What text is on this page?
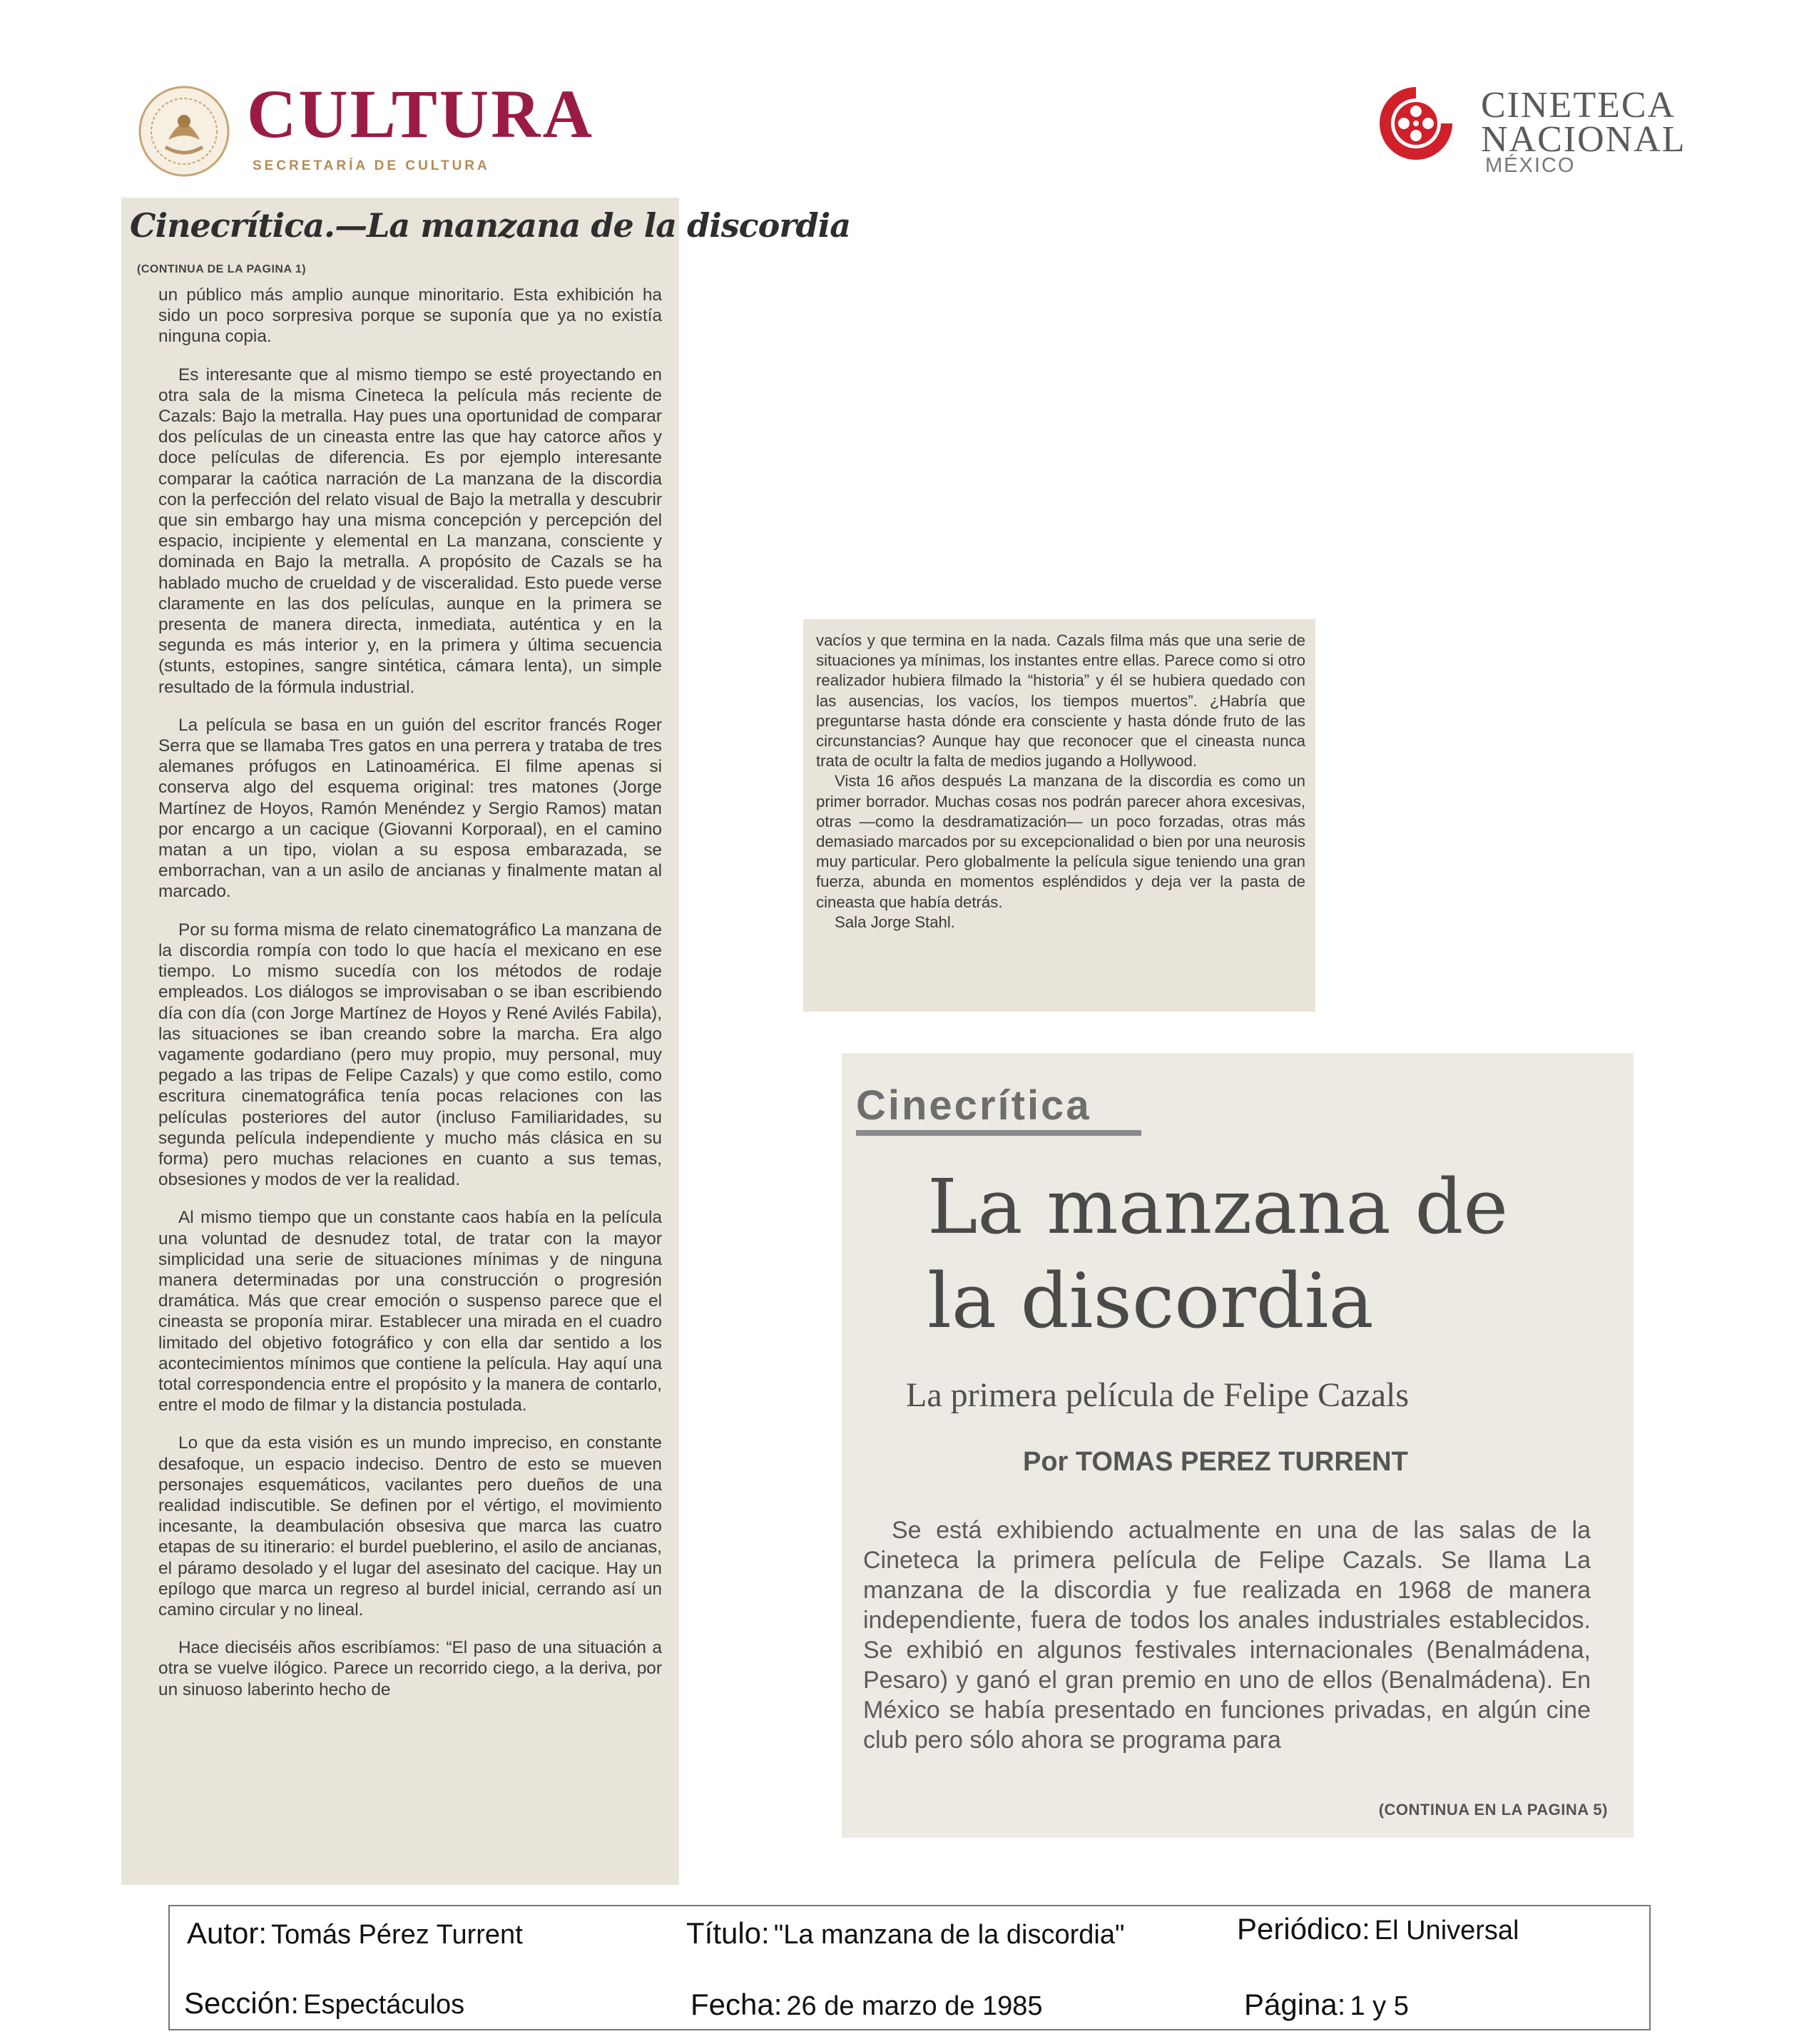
CULTURA
SECRETARÍA DE CULTURA
CINETECA
NACIONAL
MÉXICO
Cinecrítica.—La manzana de la discordia
(CONTINUA DE LA PAGINA 1)

un público más amplio aunque minoritario. Esta exhibición ha sido un poco sorpresiva porque se suponía que ya no existía ninguna copia.

Es interesante que al mismo tiempo se esté proyectando en otra sala de la misma Cineteca la película más reciente de Cazals: Bajo la metralla. Hay pues una oportunidad de comparar dos películas de un cineasta entre las que hay catorce años y doce películas de diferencia. Es por ejemplo interesante comparar la caótica narración de La manzana de la discordia con la perfección del relato visual de Bajo la metralla y descubrir que sin embargo hay una misma concepción y percepción del espacio, incipiente y elemental en La manzana, consciente y dominada en Bajo la metralla. A propósito de Cazals se ha hablado mucho de crueldad y de visceralidad. Esto puede verse claramente en las dos películas, aunque en la primera se presenta de manera directa, inmediata, auténtica y en la segunda es más interior y, en la primera y última secuencia (stunts, estopines, sangre sintética, cámara lenta), un simple resultado de la fórmula industrial.

La película se basa en un guión del escritor francés Roger Serra que se llamaba Tres gatos en una perrera y trataba de tres alemanes prófugos en Latinoamérica. El filme apenas si conserva algo del esquema original: tres matones (Jorge Martínez de Hoyos, Ramón Menéndez y Sergio Ramos) matan por encargo a un cacique (Giovanni Korporaal), en el camino matan a un tipo, violan a su esposa embarazada, se emborrachan, van a un asilo de ancianas y finalmente matan al marcado.

Por su forma misma de relato cinematográfico La manzana de la discordia rompía con todo lo que hacía el mexicano en ese tiempo. Lo mismo sucedía con los métodos de rodaje empleados. Los diálogos se improvisaban o se iban escribiendo día con día (con Jorge Martínez de Hoyos y René Avilés Fabila), las situaciones se iban creando sobre la marcha. Era algo vagamente godardiano (pero muy propio, muy personal, muy pegado a las tripas de Felipe Cazals) y que como estilo, como escritura cinematográfica tenía pocas relaciones con las películas posteriores del autor (incluso Familiaridades, su segunda película independiente y mucho más clásica en su forma) pero muchas relaciones en cuanto a sus temas, obsesiones y modos de ver la realidad.

Al mismo tiempo que un constante caos había en la película una voluntad de desnudez total, de tratar con la mayor simplicidad una serie de situaciones mínimas y de ninguna manera determinadas por una construcción o progresión dramática. Más que crear emoción o suspenso parece que el cineasta se proponía mirar. Establecer una mirada en el cuadro limitado del objetivo fotográfico y con ella dar sentido a los acontecimientos mínimos que contiene la película. Hay aquí una total correspondencia entre el propósito y la manera de contarlo, entre el modo de filmar y la distancia postulada.

Lo que da esta visión es un mundo impreciso, en constante desafoque, un espacio indeciso. Dentro de esto se mueven personajes esquemáticos, vacilantes pero dueños de una realidad indiscutible. Se definen por el vértigo, el movimiento incesante, la deambulación obsesiva que marca las cuatro etapas de su itinerario: el burdel pueblerino, el asilo de ancianas, el páramo desolado y el lugar del asesinato del cacique. Hay un epílogo que marca un regreso al burdel inicial, cerrando así un camino circular y no lineal.

Hace dieciséis años escribíamos: “El paso de una situación a otra se vuelve ilógico. Parece un recorrido ciego, a la deriva, por un sinuoso laberinto hecho de

vacíos y que termina en la nada. Cazals filma más que una serie de situaciones ya mínimas, los instantes entre ellas. Parece como si otro realizador hubiera filmado la “historia” y él se hubiera quedado con las ausencias, los vacíos, los tiempos muertos”. ¿Habría que preguntarse hasta dónde era consciente y hasta dónde fruto de las circunstancias? Aunque hay que reconocer que el cineasta nunca trata de ocultr la falta de medios jugando a Hollywood.

Vista 16 años después La manzana de la discordia es como un primer borrador. Muchas cosas nos podrán parecer ahora excesivas, otras —como la desdramatización— un poco forzadas, otras más demasiado marcados por su excepcionalidad o bien por una neurosis muy particular. Pero globalmente la película sigue teniendo una gran fuerza, abunda en momentos espléndidos y deja ver la pasta de cineasta que había detrás.

Sala Jorge Stahl.

Cinecrítica
La manzana de
la discordia
La primera película de Felipe Cazals
Por TOMAS PEREZ TURRENT

Se está exhibiendo actualmente en una de las salas de la Cineteca la primera película de Felipe Cazals. Se llama La manzana de la discordia y fue realizada en 1968 de manera independiente, fuera de todos los anales industriales establecidos. Se exhibió en algunos festivales internacionales (Benalmádena, Pesaro) y ganó el gran premio en uno de ellos (Benalmádena). En México se había presentado en funciones privadas, en algún cine club pero sólo ahora se programa para

(CONTINUA EN LA PAGINA 5)
Autor: Tomás Pérez Turrent	Título: "La manzana de la discordia"	Periódico: El Universal
Sección: Espectáculos	Fecha: 26 de marzo de 1985	Página: 1 y 5
